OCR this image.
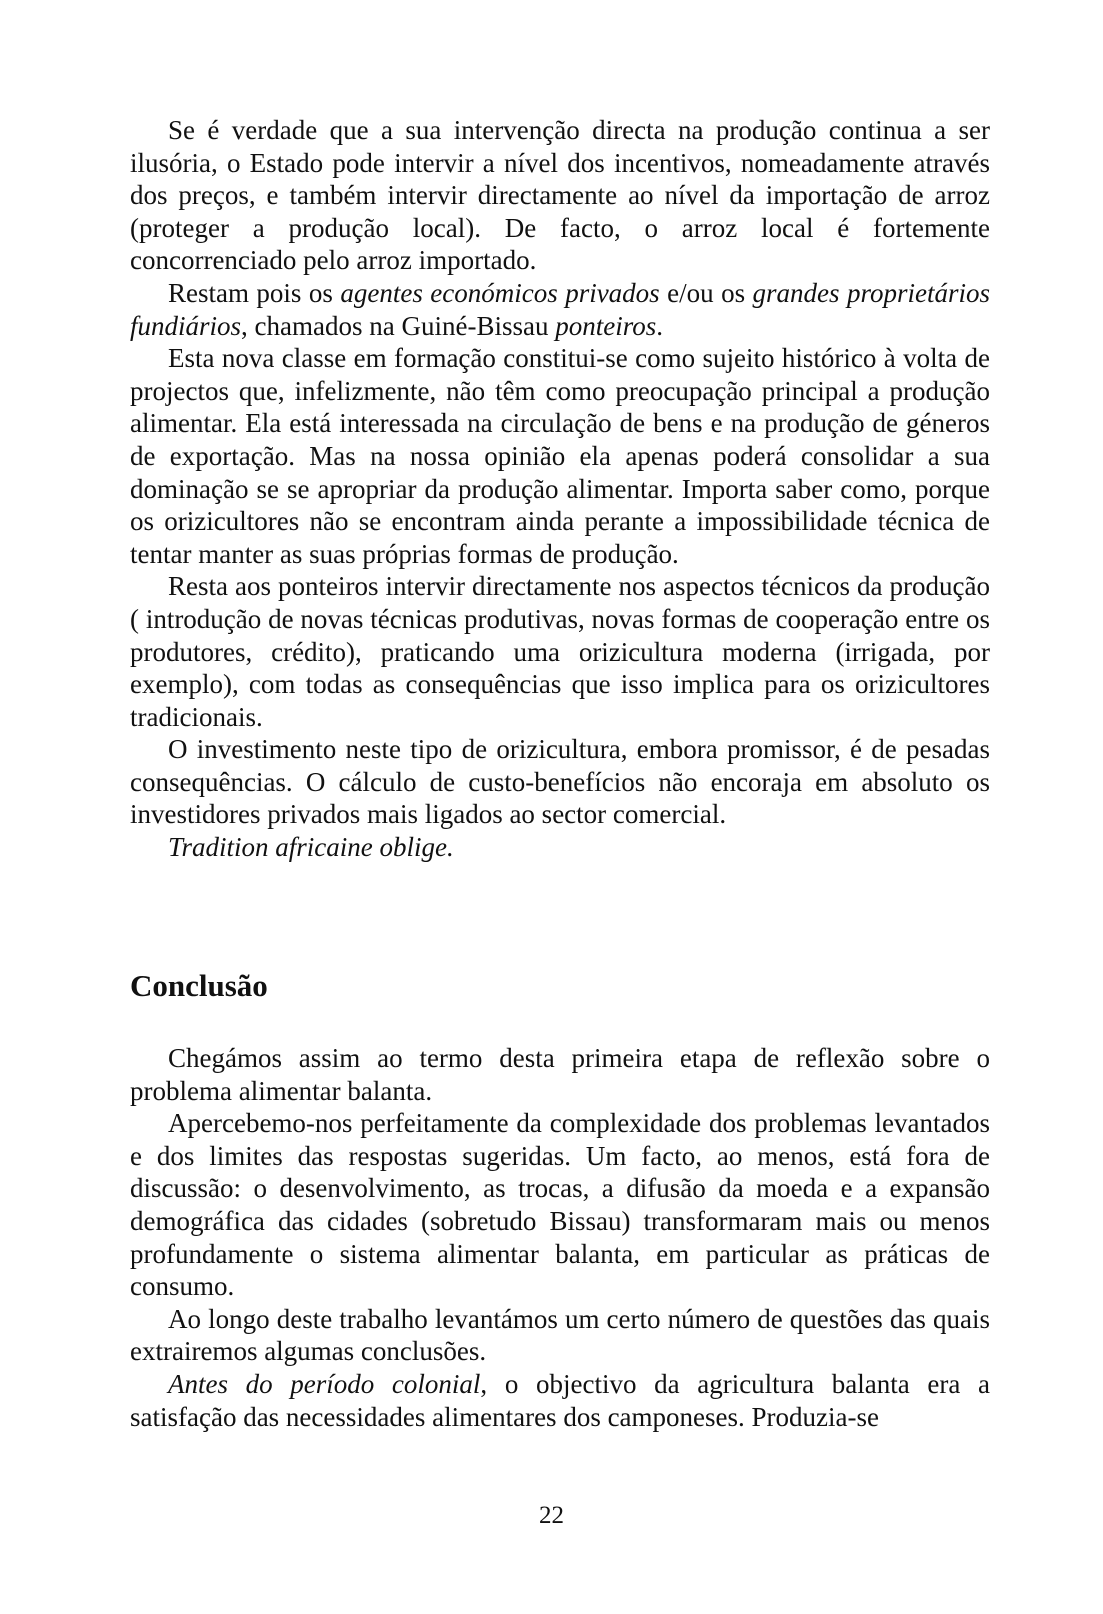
Se é verdade que a sua intervenção directa na produção continua a ser ilusória, o Estado pode intervir a nível dos incentivos, nomeadamente através dos preços, e também intervir directamente ao nível da importação de arroz (proteger a produção local). De facto, o arroz local é fortemente concorrenciado pelo arroz importado.

Restam pois os agentes económicos privados e/ou os grandes proprietários fundiários, chamados na Guiné-Bissau ponteiros.

Esta nova classe em formação constitui-se como sujeito histórico à volta de projectos que, infelizmente, não têm como preocupação principal a produção alimentar. Ela está interessada na circulação de bens e na produção de géneros de exportação. Mas na nossa opinião ela apenas poderá consolidar a sua dominação se se apropriar da produção alimentar. Importa saber como, porque os orizicultores não se encontram ainda perante a impossibilidade técnica de tentar manter as suas próprias formas de produção.

Resta aos ponteiros intervir directamente nos aspectos técnicos da produção ( introdução de novas técnicas produtivas, novas formas de cooperação entre os produtores, crédito), praticando uma orizicultura moderna (irrigada, por exemplo), com todas as consequências que isso implica para os orizicultores tradicionais.

O investimento neste tipo de orizicultura, embora promissor, é de pesadas consequências. O cálculo de custo-benefícios não encoraja em absoluto os investidores privados mais ligados ao sector comercial.

Tradition africaine oblige.

Conclusão

Chegámos assim ao termo desta primeira etapa de reflexão sobre o problema alimentar balanta.

Apercebemo-nos perfeitamente da complexidade dos problemas levantados e dos limites das respostas sugeridas. Um facto, ao menos, está fora de discussão: o desenvolvimento, as trocas, a difusão da moeda e a expansão demográfica das cidades (sobretudo Bissau) transformaram mais ou menos profundamente o sistema alimentar balanta, em particular as práticas de consumo.

Ao longo deste trabalho levantámos um certo número de questões das quais extrairemos algumas conclusões.

Antes do período colonial, o objectivo da agricultura balanta era a satisfação das necessidades alimentares dos camponeses. Produzia-se

22
